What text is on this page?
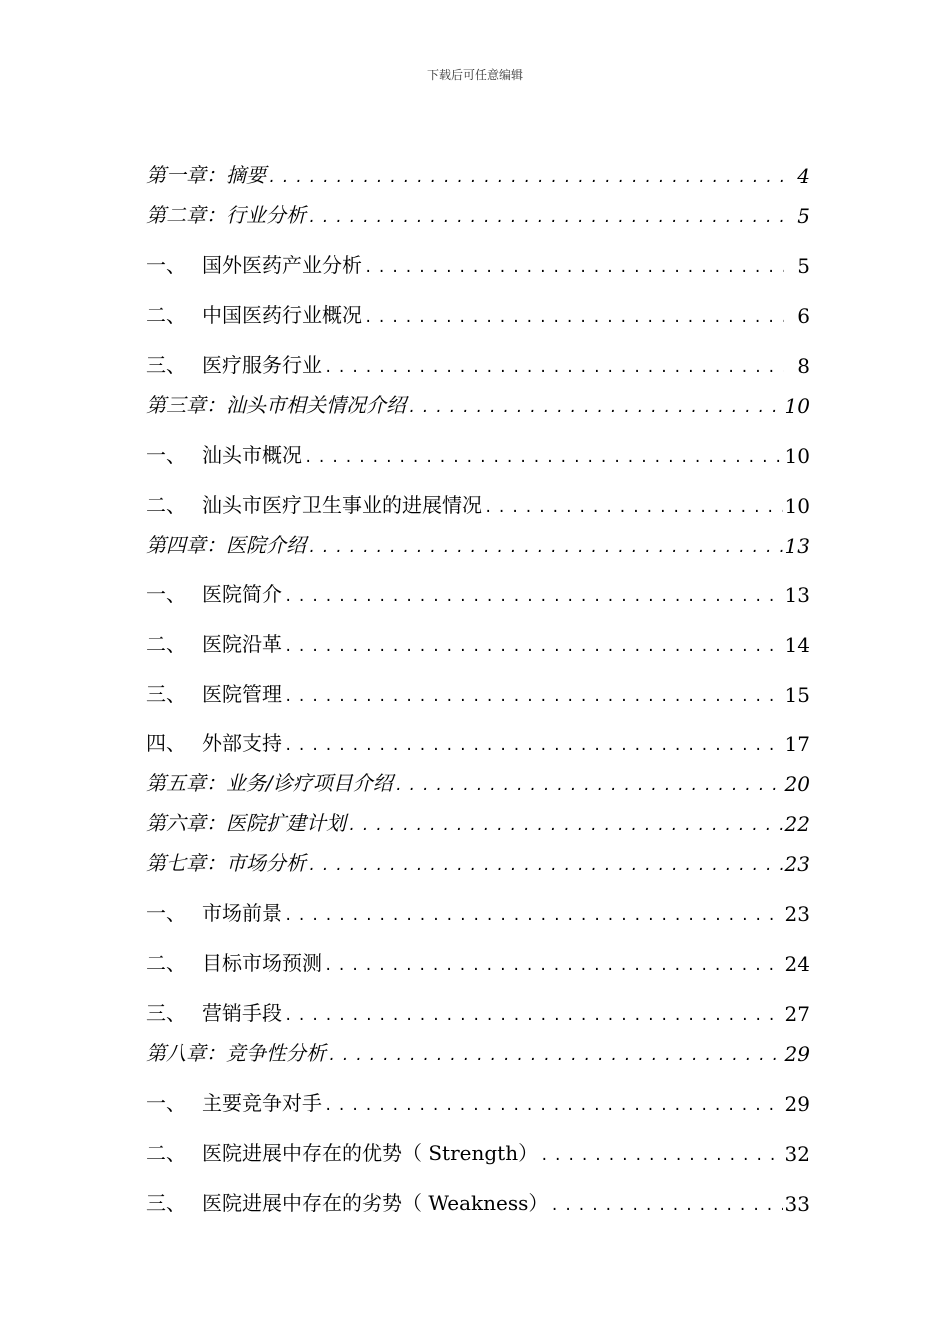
下载后可任意编辑
第一章：摘要 .....	4
第二章：行业分析 .....	5
一、 国外医药产业分析 .....	5
二、 中国医药行业概况 .....	6
三、 医疗服务行业 .....	8
第三章：汕头市相关情况介绍 .....	10
一、 汕头市概况 .....	10
二、 汕头市医疗卫生事业的进展情况 .....	10
第四章：医院介绍 .....	13
一、 医院简介 .....	13
二、 医院沿革 .....	14
三、 医院管理 .....	15
四、 外部支持 .....	17
第五章：业务/诊疗项目介绍 .....	20
第六章：医院扩建计划 .....	22
第七章：市场分析 .....	23
一、 市场前景 .....	23
二、 目标市场预测 .....	24
三、 营销手段 .....	27
第八章：竞争性分析 .....	29
一、 主要竞争对手 .....	29
二、 医院进展中存在的优势（ Strength） .....	32
三、 医院进展中存在的劣势（ Weakness） .....	33
